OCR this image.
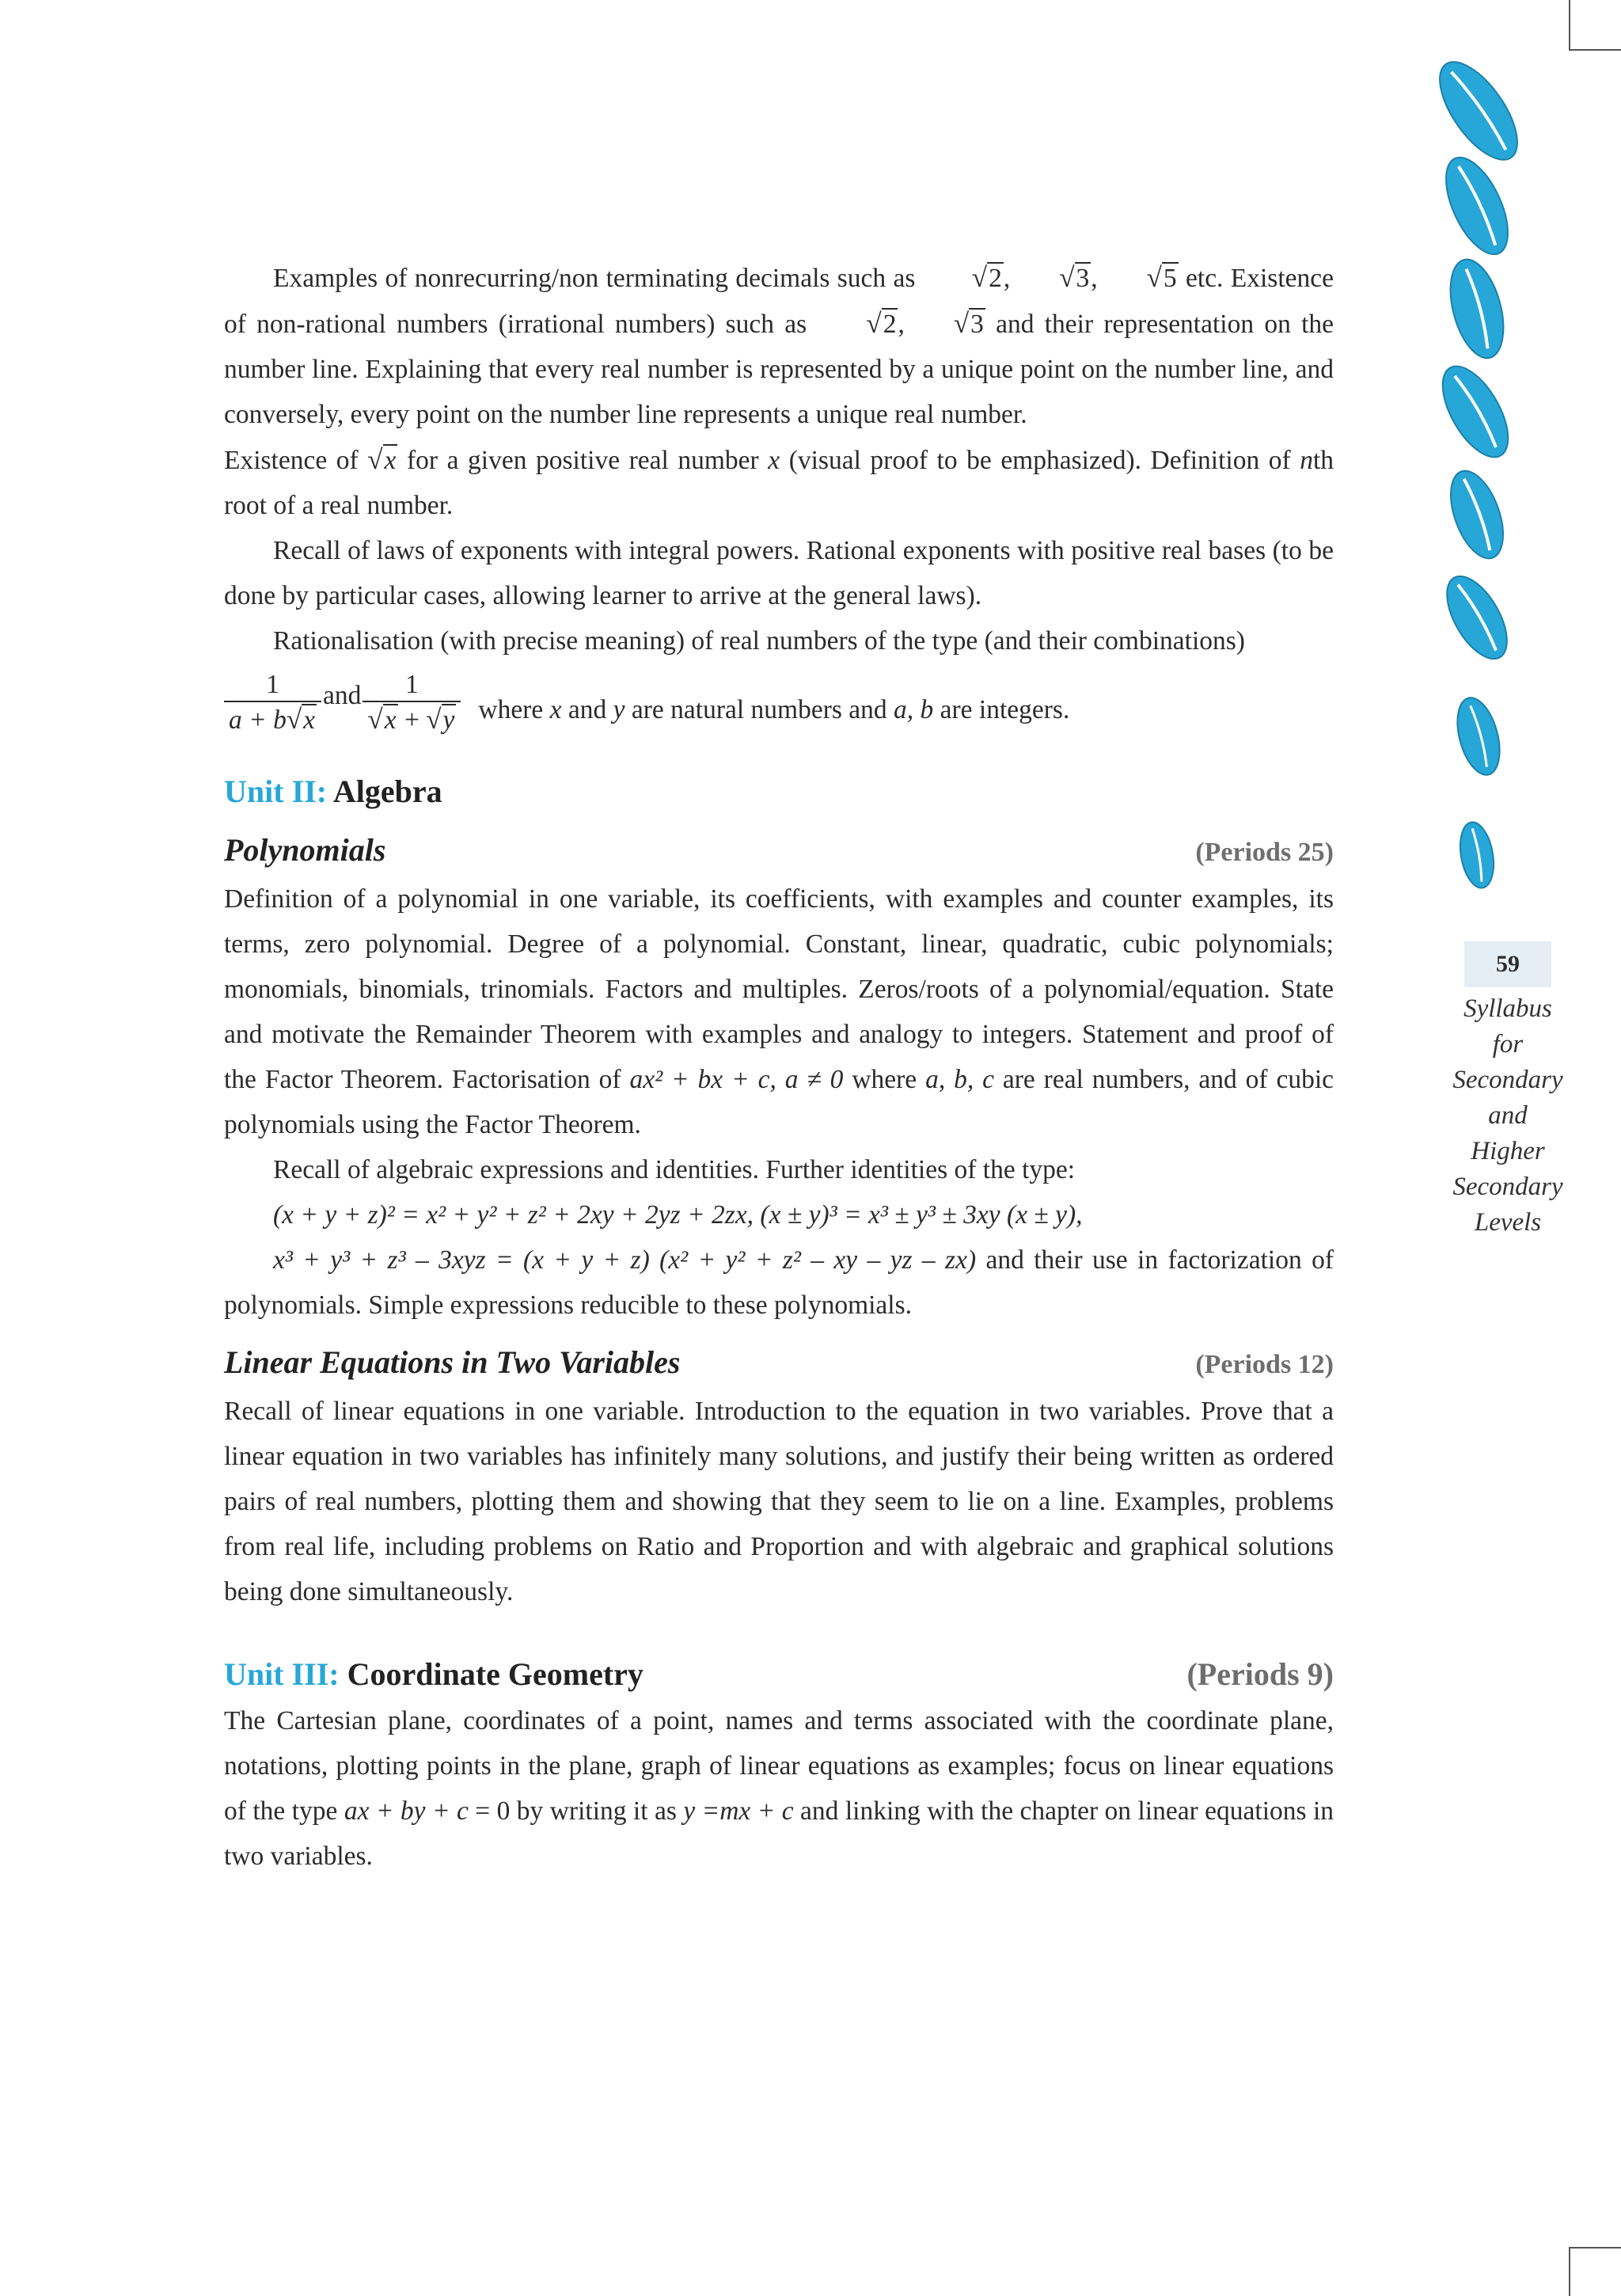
59
Syllabus
for
Secondary
and
Higher
Secondary
Levels

Examples of nonrecurring/non terminating decimals such as √2, √3, √5 etc. Existence of non-rational numbers (irrational numbers) such as √2, √3 and their representation on the number line. Explaining that every real number is represented by a unique point on the number line, and conversely, every point on the number line represents a unique real number.

Existence of √x for a given positive real number x (visual proof to be emphasized). Definition of nth root of a real number.

Recall of laws of exponents with integral powers. Rational exponents with positive real bases (to be done by particular cases, allowing learner to arrive at the general laws).

Rationalisation (with precise meaning) of real numbers of the type (and their combinations)

$\frac{1}{a + b√x}$ and $\frac{1}{√x + √y}$ where x and y are natural numbers and a, b are integers.
Unit II: Algebra
Polynomials	(Periods 25)

Definition of a polynomial in one variable, its coefficients, with examples and counter examples, its terms, zero polynomial. Degree of a polynomial. Constant, linear, quadratic, cubic polynomials; monomials, binomials, trinomials. Factors and multiples. Zeros/roots of a polynomial/equation. State and motivate the Remainder Theorem with examples and analogy to integers. Statement and proof of the Factor Theorem. Factorisation of ax² + bx + c, a ≠ 0 where a, b, c are real numbers, and of cubic polynomials using the Factor Theorem.

Recall of algebraic expressions and identities. Further identities of the type:

(x + y + z)² = x² + y² + z² + 2xy + 2yz + 2zx, (x ± y)³ = x³ ± y³ ± 3xy (x ± y),

x³ + y³ + z³ – 3xyz = (x + y + z) (x² + y² + z² – xy – yz – zx) and their use in factorization of polynomials. Simple expressions reducible to these polynomials.

Linear Equations in Two Variables	(Periods 12)

Recall of linear equations in one variable. Introduction to the equation in two variables. Prove that a linear equation in two variables has infinitely many solutions, and justify their being written as ordered pairs of real numbers, plotting them and showing that they seem to lie on a line. Examples, problems from real life, including problems on Ratio and Proportion and with algebraic and graphical solutions being done simultaneously.

Unit III: Coordinate Geometry	(Periods 9)

The Cartesian plane, coordinates of a point, names and terms associated with the coordinate plane, notations, plotting points in the plane, graph of linear equations as examples; focus on linear equations of the type ax + by + c = 0 by writing it as y =mx + c and linking with the chapter on linear equations in two variables.
